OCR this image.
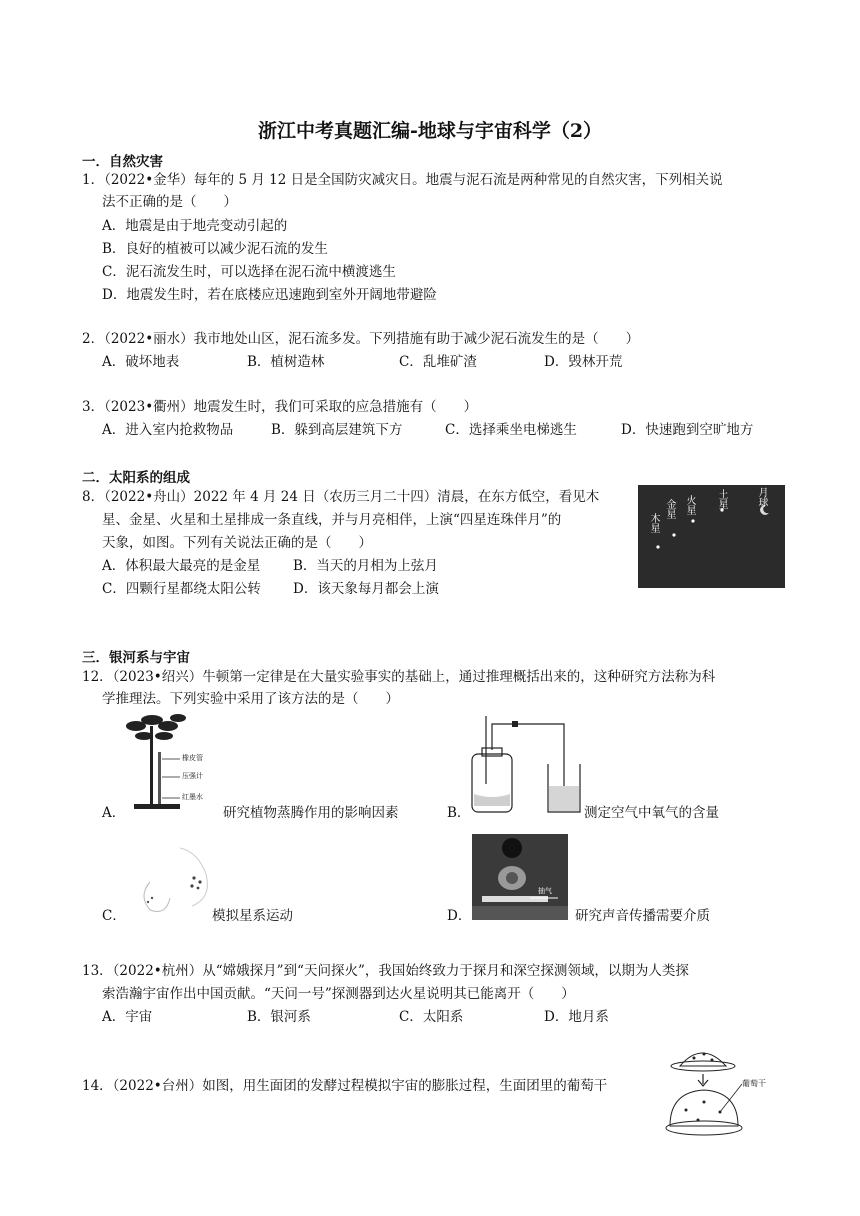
浙江中考真题汇编-地球与宇宙科学（2）
一．自然灾害
1．（2022•金华）每年的 5 月 12 日是全国防灾减灾日。地震与泥石流是两种常见的自然灾害，下列相关说
法不正确的是（　　）
A．地震是由于地壳变动引起的
B．良好的植被可以减少泥石流的发生
C．泥石流发生时，可以选择在泥石流中横渡逃生
D．地震发生时，若在底楼应迅速跑到室外开阔地带避险
2．（2022•丽水）我市地处山区，泥石流多发。下列措施有助于减少泥石流发生的是（　　）
A．破坏地表	B．植树造林	C．乱堆矿渣	D．毁林开荒
3．（2023•衢州）地震发生时，我们可采取的应急措施有（　　）
A．进入室内抢救物品	B．躲到高层建筑下方	C．选择乘坐电梯逃生	D．快速跑到空旷地方
二．太阳系的组成
8．（2022•舟山）2022 年 4 月 24 日（农历三月二十四）清晨，在东方低空，看见木
星、金星、火星和土星排成一条直线，并与月亮相伴，上演“四星连珠伴月”的
天象，如图。下列有关说法正确的是（　　）
A．体积最大最亮的是金星 B．当天的月相为上弦月
C．四颗行星都绕太阳公转 D．该天象每月都会上演
木星
金星 火星 土星	月球
三．银河系与宇宙
12．（2023•绍兴）牛顿第一定律是在大量实验事实的基础上，通过推理概括出来的，这种研究方法称为科
学推理法。下列实验中采用了该方法的是（　　）
橡皮管
压强计
红墨水
A．	研究植物蒸腾作用的影响因素	B．	测定空气中氧气的含量
C．	模拟星系运动
抽气
D．	研究声音传播需要介质
13．（2022•杭州）从“嫦娥探月”到“天问探火”，我国始终致力于探月和深空探测领域，以期为人类探
索浩瀚宇宙作出中国贡献。“天问一号”探测器到达火星说明其已能离开（　　）
A．宇宙	B．银河系	C．太阳系	D．地月系
14．（2022•台州）如图，用生面团的发酵过程模拟宇宙的膨胀过程，生面团里的葡萄干	葡萄干
